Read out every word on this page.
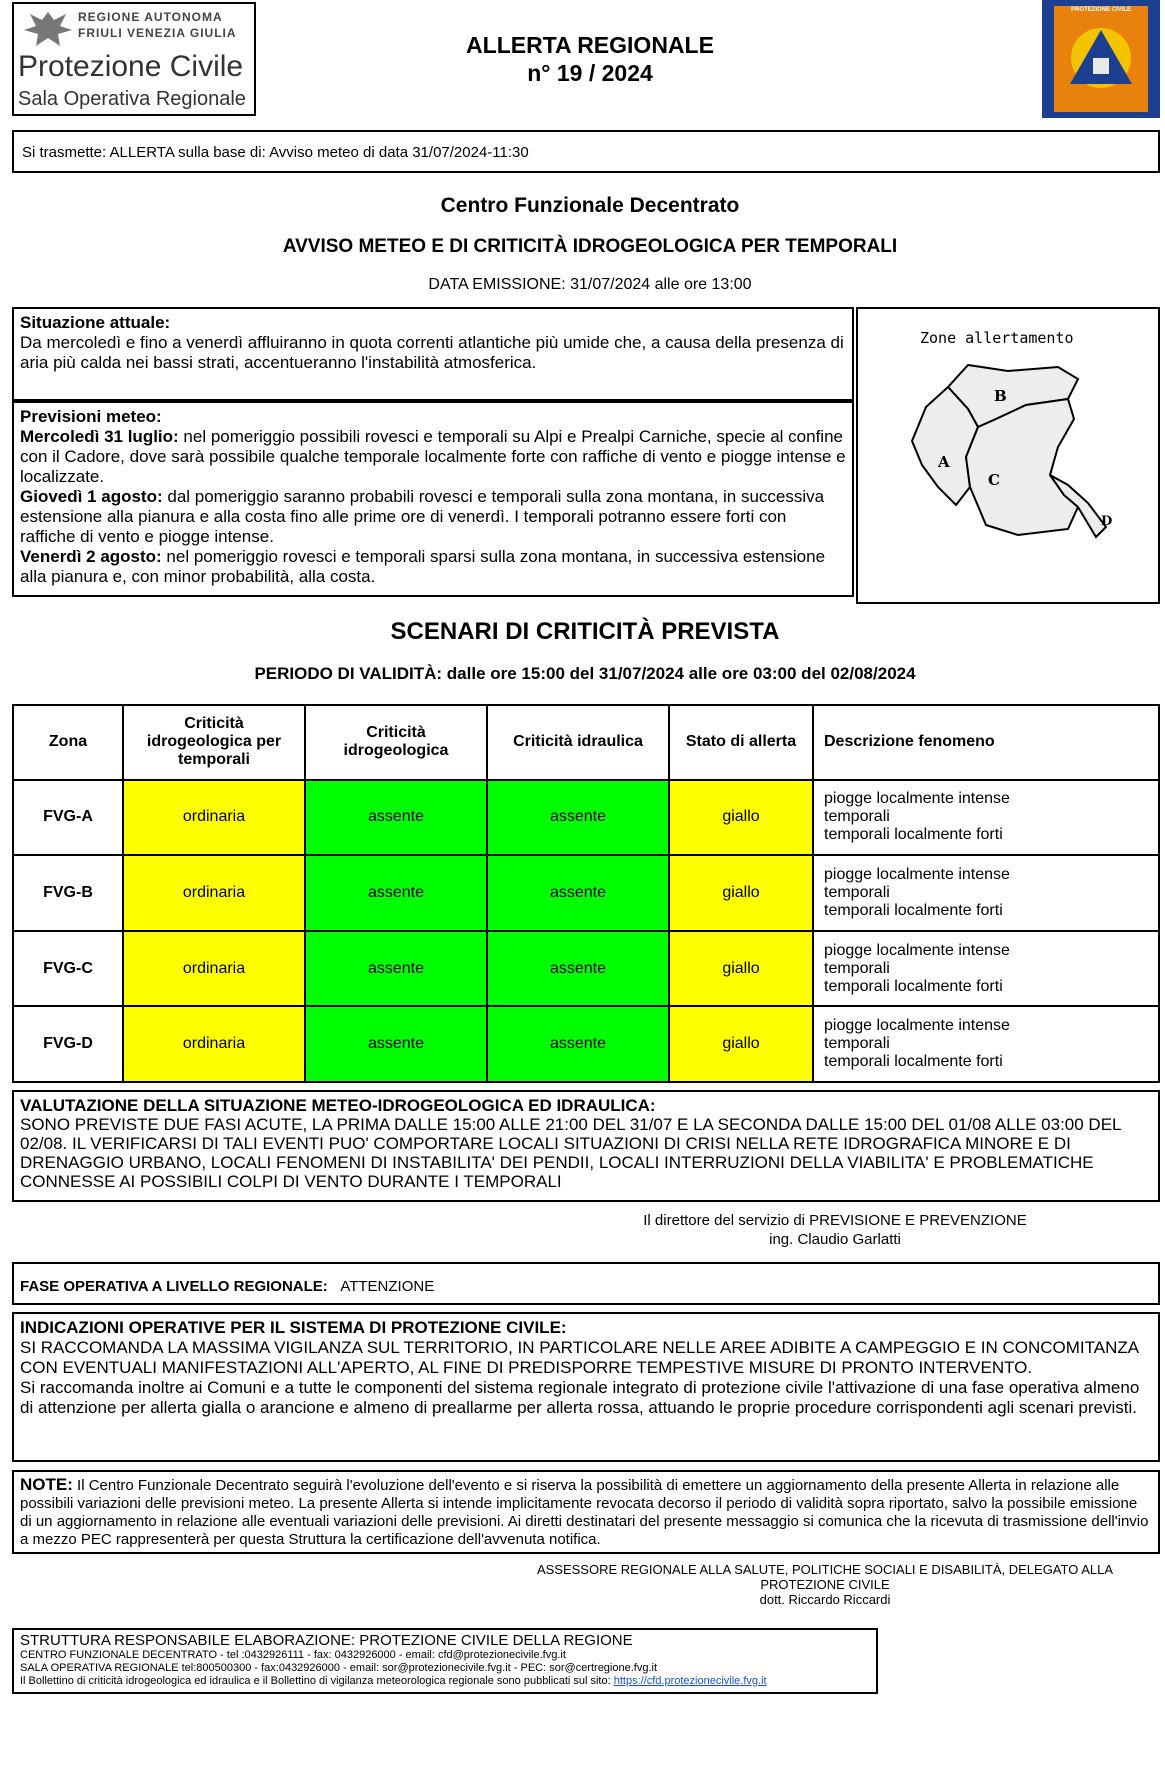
REGIONE AUTONOMA
FRIULI VENEZIA GIULIA
Protezione Civile
Sala Operativa Regionale
ALLERTA REGIONALE
n° 19 / 2024
PROTEZIONE CIVILE
Si trasmette: ALLERTA sulla base di: Avviso meteo di data 31/07/2024-11:30
Centro Funzionale Decentrato
AVVISO METEO E DI CRITICITÀ IDROGEOLOGICA PER TEMPORALI
DATA EMISSIONE: 31/07/2024 alle ore 13:00
Situazione attuale:
Da mercoledì e fino a venerdì affluiranno in quota correnti atlantiche più umide che, a causa della presenza di aria più calda nei bassi strati, accentueranno l'instabilità atmosferica.
Previsioni meteo:
Mercoledì 31 luglio: nel pomeriggio possibili rovesci e temporali su Alpi e Prealpi Carniche, specie al confine con il Cadore, dove sarà possibile qualche temporale localmente forte con raffiche di vento e piogge intense e localizzate.
Giovedì 1 agosto: dal pomeriggio saranno probabili rovesci e temporali sulla zona montana, in successiva estensione alla pianura e alla costa fino alle prime ore di venerdì. I temporali potranno essere forti con raffiche di vento e piogge intense.
Venerdì 2 agosto: nel pomeriggio rovesci e temporali sparsi sulla zona montana, in successiva estensione alla pianura e, con minor probabilità, alla costa.
Zone allertamento
B
A
C
D
SCENARI DI CRITICITÀ PREVISTA
PERIODO DI VALIDITÀ: dalle ore 15:00 del 31/07/2024 alle ore 03:00 del 02/08/2024
Zona	Criticità idrogeologica per temporali	Criticità idrogeologica	Criticità idraulica	Stato di allerta	Descrizione fenomeno
FVG-A	ordinaria	assente	assente	giallo	piogge localmente intense
temporali
temporali localmente forti

FVG-B	ordinaria	assente	assente	giallo	piogge localmente intense
temporali
temporali localmente forti

FVG-C	ordinaria	assente	assente	giallo	piogge localmente intense
temporali
temporali localmente forti

FVG-D	ordinaria	assente	assente	giallo	piogge localmente intense
temporali
temporali localmente forti
VALUTAZIONE DELLA SITUAZIONE METEO-IDROGEOLOGICA ED IDRAULICA:
SONO PREVISTE DUE FASI ACUTE, LA PRIMA DALLE 15:00 ALLE 21:00 DEL 31/07 E LA SECONDA DALLE 15:00 DEL 01/08 ALLE 03:00 DEL 02/08. IL VERIFICARSI DI TALI EVENTI PUO' COMPORTARE LOCALI SITUAZIONI DI CRISI NELLA RETE IDROGRAFICA MINORE E DI DRENAGGIO URBANO, LOCALI FENOMENI DI INSTABILITA' DEI PENDII, LOCALI INTERRUZIONI DELLA VIABILITA' E PROBLEMATICHE CONNESSE AI POSSIBILI COLPI DI VENTO DURANTE I TEMPORALI
Il direttore del servizio di PREVISIONE E PREVENZIONE
ing. Claudio Garlatti
FASE OPERATIVA A LIVELLO REGIONALE: ATTENZIONE
INDICAZIONI OPERATIVE PER IL SISTEMA DI PROTEZIONE CIVILE:
SI RACCOMANDA LA MASSIMA VIGILANZA SUL TERRITORIO, IN PARTICOLARE NELLE AREE ADIBITE A CAMPEGGIO E IN CONCOMITANZA CON EVENTUALI MANIFESTAZIONI ALL'APERTO, AL FINE DI PREDISPORRE TEMPESTIVE MISURE DI PRONTO INTERVENTO.
Si raccomanda inoltre ai Comuni e a tutte le componenti del sistema regionale integrato di protezione civile l'attivazione di una fase operativa almeno di attenzione per allerta gialla o arancione e almeno di preallarme per allerta rossa, attuando le proprie procedure corrispondenti agli scenari previsti.
NOTE: Il Centro Funzionale Decentrato seguirà l'evoluzione dell'evento e si riserva la possibilità di emettere un aggiornamento della presente Allerta in relazione alle possibili variazioni delle previsioni meteo. La presente Allerta si intende implicitamente revocata decorso il periodo di validità sopra riportato, salvo la possibile emissione di un aggiornamento in relazione alle eventuali variazioni delle previsioni. Ai diretti destinatari del presente messaggio si comunica che la ricevuta di trasmissione dell'invio a mezzo PEC rappresenterà per questa Struttura la certificazione dell'avvenuta notifica.
ASSESSORE REGIONALE ALLA SALUTE, POLITICHE SOCIALI E DISABILITÀ, DELEGATO ALLA
PROTEZIONE CIVILE
dott. Riccardo Riccardi
STRUTTURA RESPONSABILE ELABORAZIONE: PROTEZIONE CIVILE DELLA REGIONE
CENTRO FUNZIONALE DECENTRATO - tel :0432926111 - fax: 0432926000 - email: cfd@protezionecivile.fvg.it
SALA OPERATIVA REGIONALE tel:800500300 - fax:0432926000 - email: sor@protezionecivile.fvg.it - PEC: sor@certregione.fvg.it
Il Bollettino di criticità idrogeologica ed idraulica e il Bollettino di vigilanza meteorologica regionale sono pubblicati sul sito: https://cfd.protezionecivile.fvg.it
